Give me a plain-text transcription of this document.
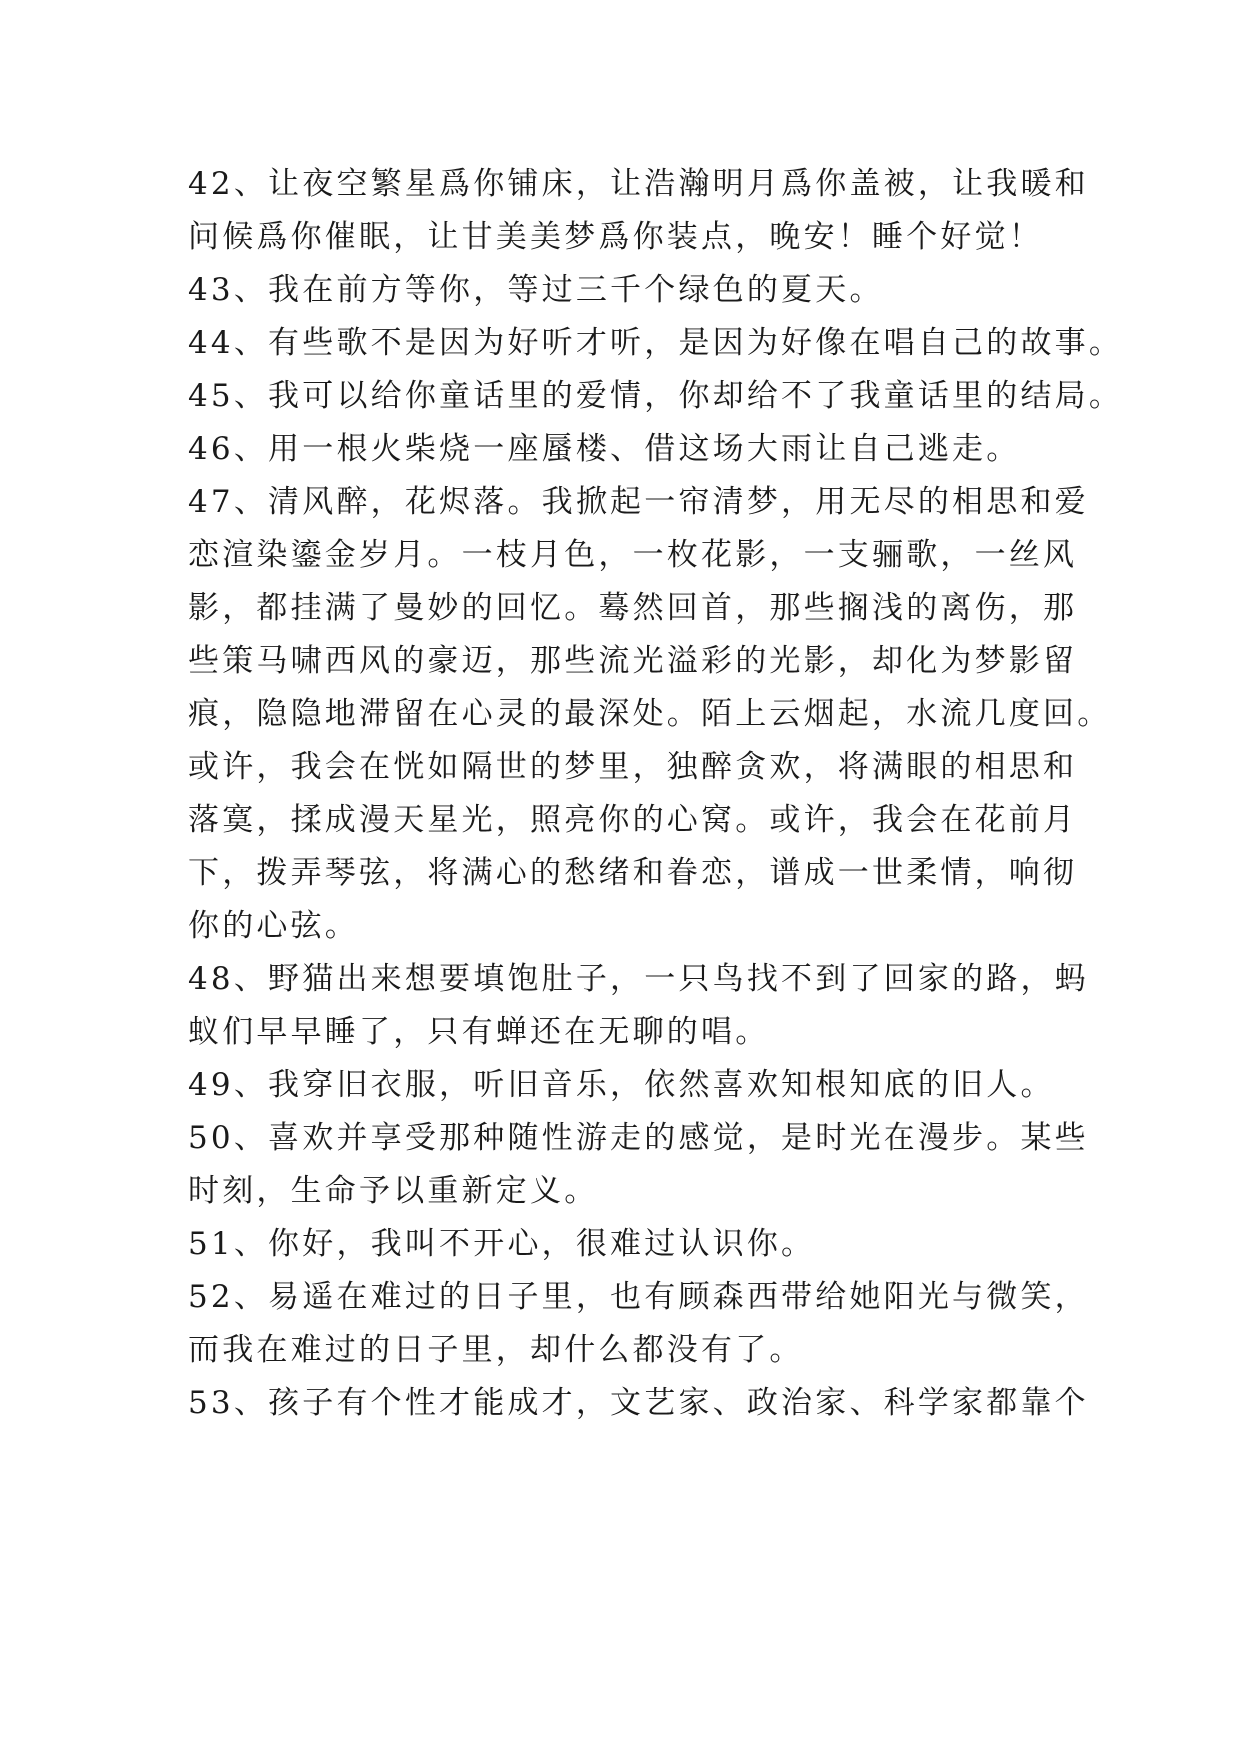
42、让夜空繁星爲你铺床，让浩瀚明月爲你盖被，让我暖和
问候爲你催眠，让甘美美梦爲你装点，晚安！睡个好觉！
43、我在前方等你，等过三千个绿色的夏天。
44、有些歌不是因为好听才听，是因为好像在唱自己的故事。
45、我可以给你童话里的爱情，你却给不了我童话里的结局。
46、用一根火柴烧一座蜃楼、借这场大雨让自己逃走。
47、清风醉，花烬落。我掀起一帘清梦，用无尽的相思和爱
恋渲染鎏金岁月。一枝月色，一枚花影，一支骊歌，一丝风
影，都挂满了曼妙的回忆。蓦然回首，那些搁浅的离伤，那
些策马啸西风的豪迈，那些流光溢彩的光影，却化为梦影留
痕，隐隐地滞留在心灵的最深处。陌上云烟起，水流几度回。
或许，我会在恍如隔世的梦里，独醉贪欢，将满眼的相思和
落寞，揉成漫天星光，照亮你的心窝。或许，我会在花前月
下，拨弄琴弦，将满心的愁绪和眷恋，谱成一世柔情，响彻
你的心弦。
48、野猫出来想要填饱肚子，一只鸟找不到了回家的路，蚂
蚁们早早睡了，只有蝉还在无聊的唱。
49、我穿旧衣服，听旧音乐，依然喜欢知根知底的旧人。
50、喜欢并享受那种随性游走的感觉，是时光在漫步。某些
时刻，生命予以重新定义。
51、你好，我叫不开心，很难过认识你。
52、易遥在难过的日子里，也有顾森西带给她阳光与微笑，
而我在难过的日子里，却什么都没有了。
53、孩子有个性才能成才，文艺家、政治家、科学家都靠个
